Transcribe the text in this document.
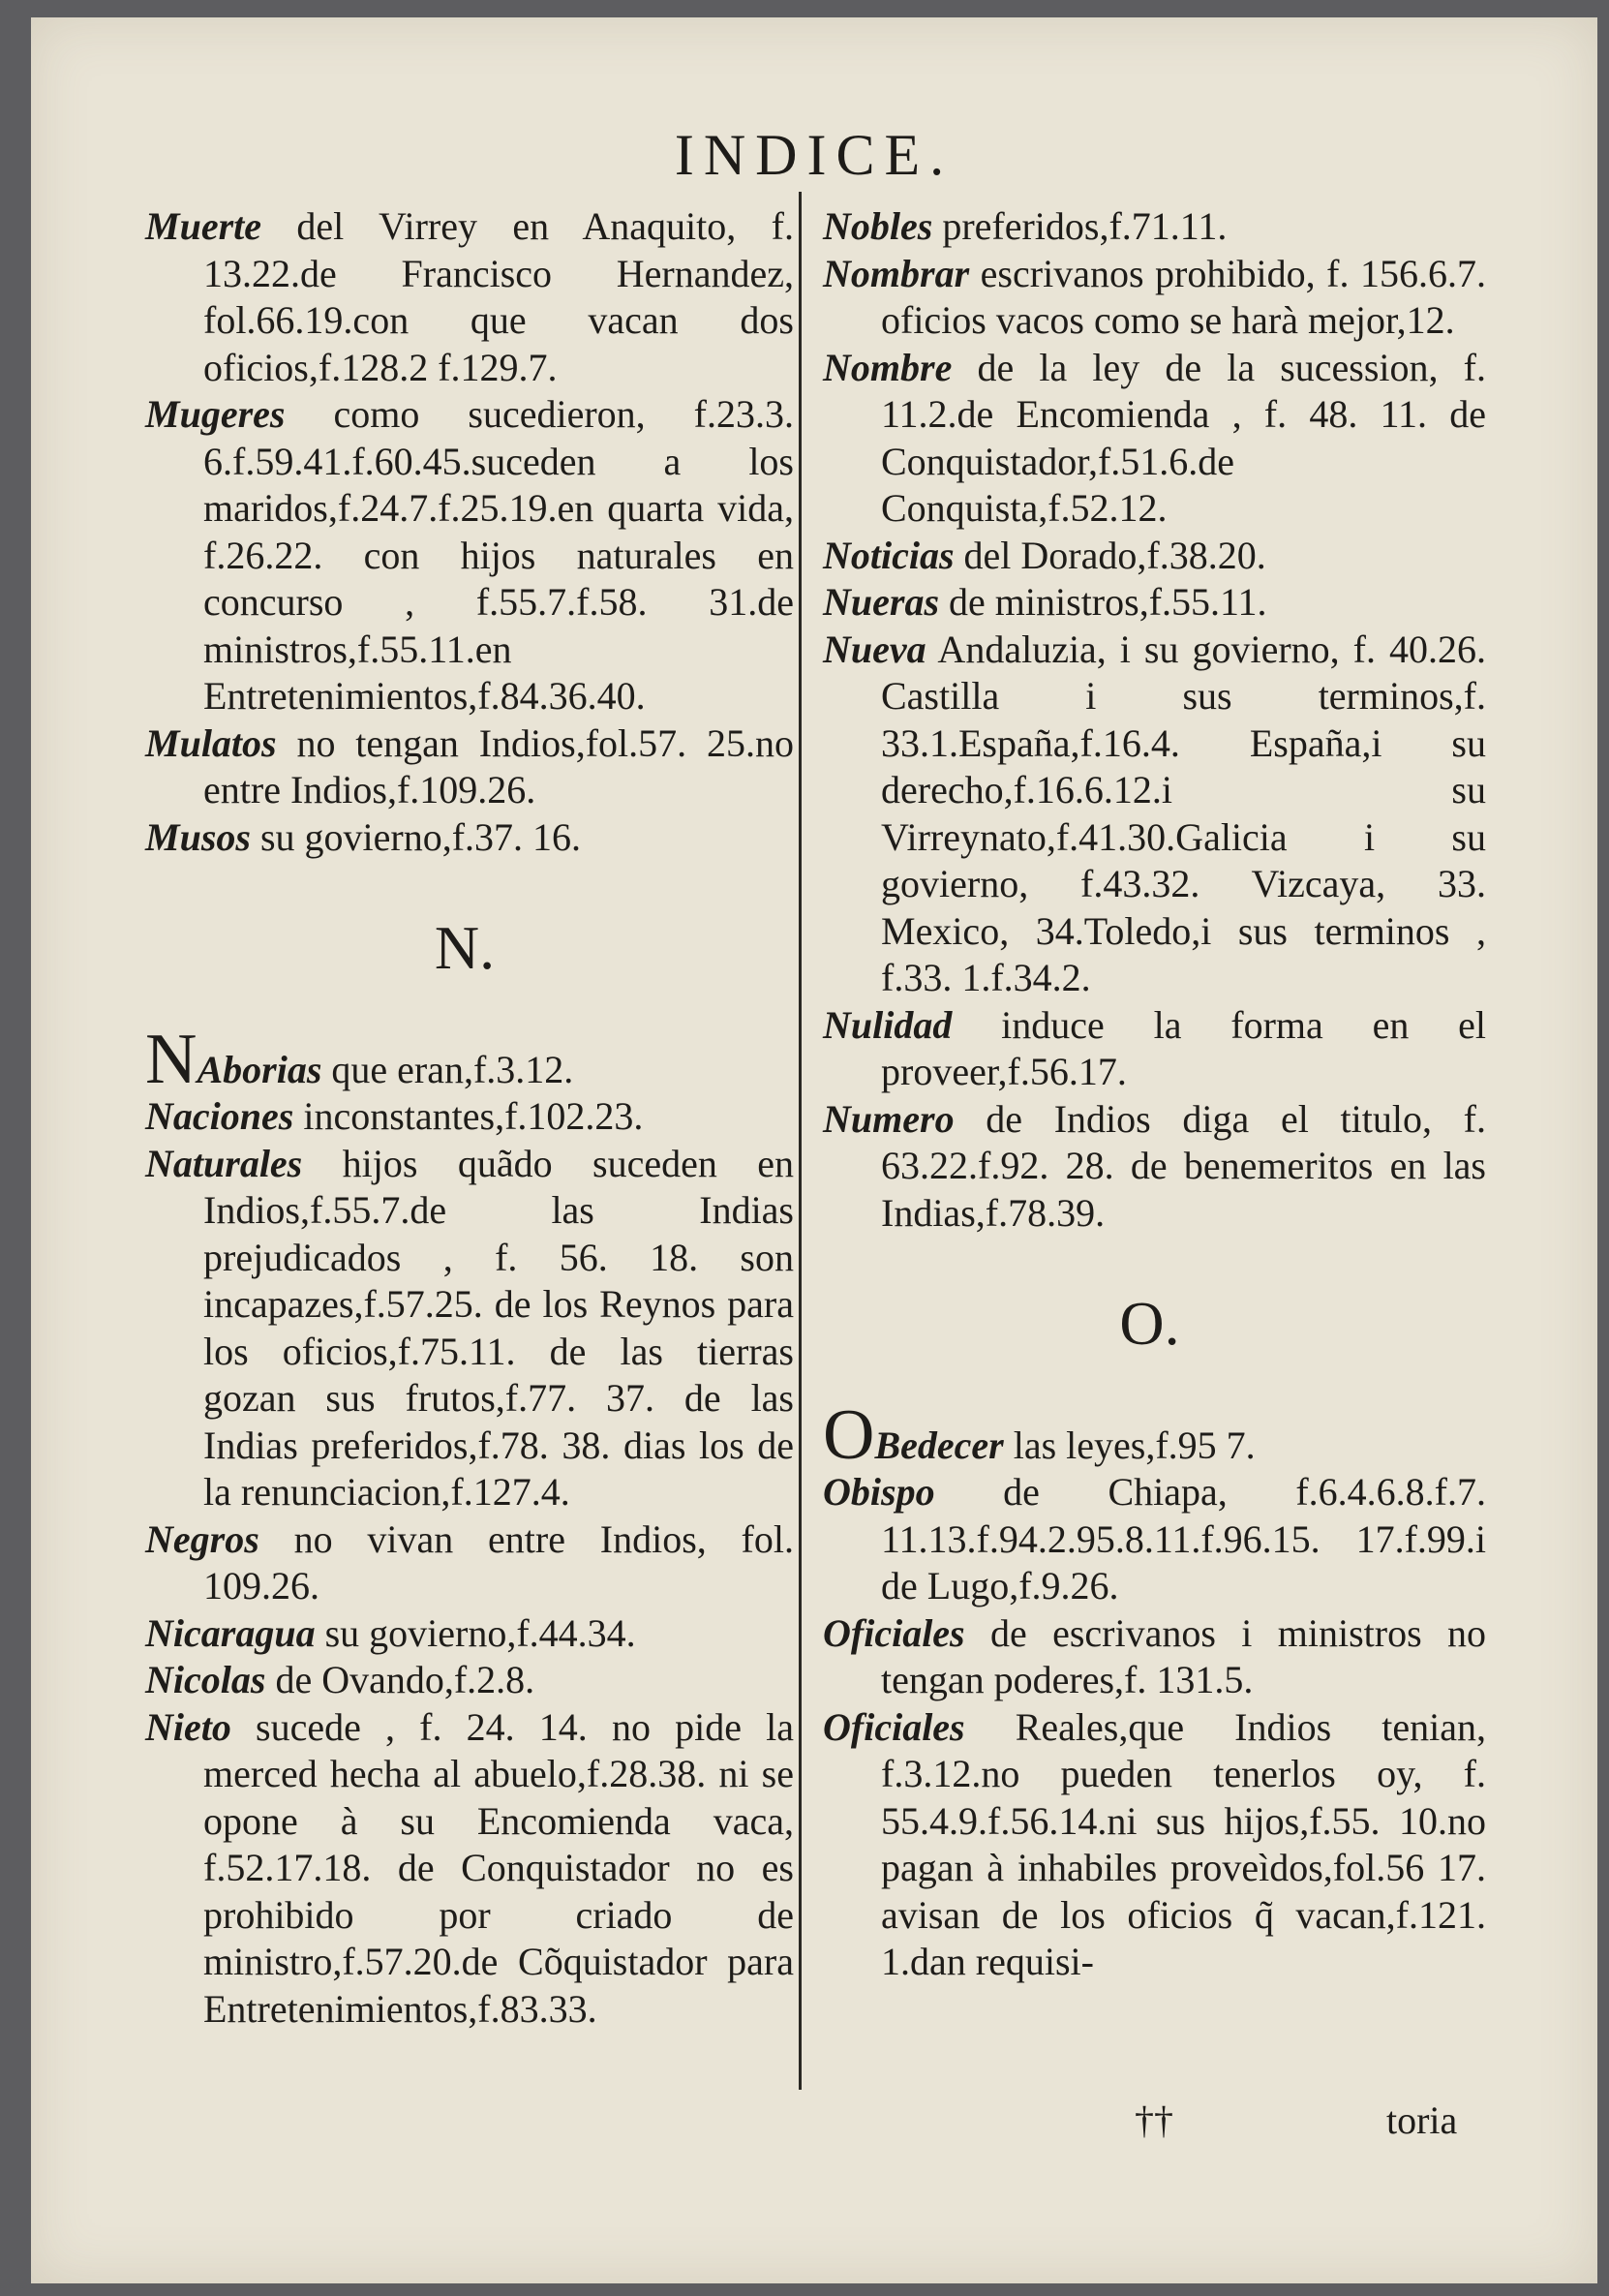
INDICE.

Muerte del Virrey en Anaquito, f. 13.22.de Francisco Hernandez, fol.66.19.con que vacan dos oficios,f.128.2 f.129.7.

Mugeres como sucedieron, f.23.3. 6.f.59.41.f.60.45.suceden a los maridos,f.24.7.f.25.19.en quarta vida, f.26.22. con hijos naturales en concurso , f.55.7.f.58. 31.de ministros,f.55.11.en Entretenimientos,f.84.36.40.

Mulatos no tengan Indios,fol.57. 25.no entre Indios,f.109.26.

Musos su govierno,f.37. 16.

N.

NAborias que eran,f.3.12.

Naciones inconstantes,f.102.23.

Naturales hijos quãdo suceden en Indios,f.55.7.de las Indias prejudicados , f. 56. 18. son incapazes,f.57.25. de los Reynos para los oficios,f.75.11. de las tierras gozan sus frutos,f.77. 37. de las Indias preferidos,f.78. 38. dias los de la renunciacion,f.127.4.

Negros no vivan entre Indios, fol. 109.26.

Nicaragua su govierno,f.44.34.

Nicolas de Ovando,f.2.8.

Nieto sucede , f. 24. 14. no pide la merced hecha al abuelo,f.28.38. ni se opone à su Encomienda vaca, f.52.17.18. de Conquistador no es prohibido por criado de ministro,f.57.20.de Cõquistador para Entretenimientos,f.83.33.

Nobles preferidos,f.71.11.

Nombrar escrivanos prohibido, f. 156.6.7. oficios vacos como se harà mejor,12.

Nombre de la ley de la sucession, f. 11.2.de Encomienda , f. 48. 11. de Conquistador,f.51.6.de Conquista,f.52.12.

Noticias del Dorado,f.38.20.

Nueras de ministros,f.55.11.

Nueva Andaluzia, i su govierno, f. 40.26. Castilla i sus terminos,f. 33.1.España,f.16.4. España,i su derecho,f.16.6.12.i su Virreynato,f.41.30.Galicia i su govierno, f.43.32. Vizcaya, 33. Mexico, 34.Toledo,i sus terminos , f.33. 1.f.34.2.

Nulidad induce la forma en el proveer,f.56.17.

Numero de Indios diga el titulo, f. 63.22.f.92. 28. de benemeritos en las Indias,f.78.39.

O.

OBedecer las leyes,f.95 7.

Obispo de Chiapa, f.6.4.6.8.f.7. 11.13.f.94.2.95.8.11.f.96.15. 17.f.99.i de Lugo,f.9.26.

Oficiales de escrivanos i ministros no tengan poderes,f. 131.5.

Oficiales Reales,que Indios tenian, f.3.12.no pueden tenerlos oy, f. 55.4.9.f.56.14.ni sus hijos,f.55. 10.no pagan à inhabiles proveìdos,fol.56 17. avisan de los oficios q̃ vacan,f.121. 1.dan requisi-

††	toria
